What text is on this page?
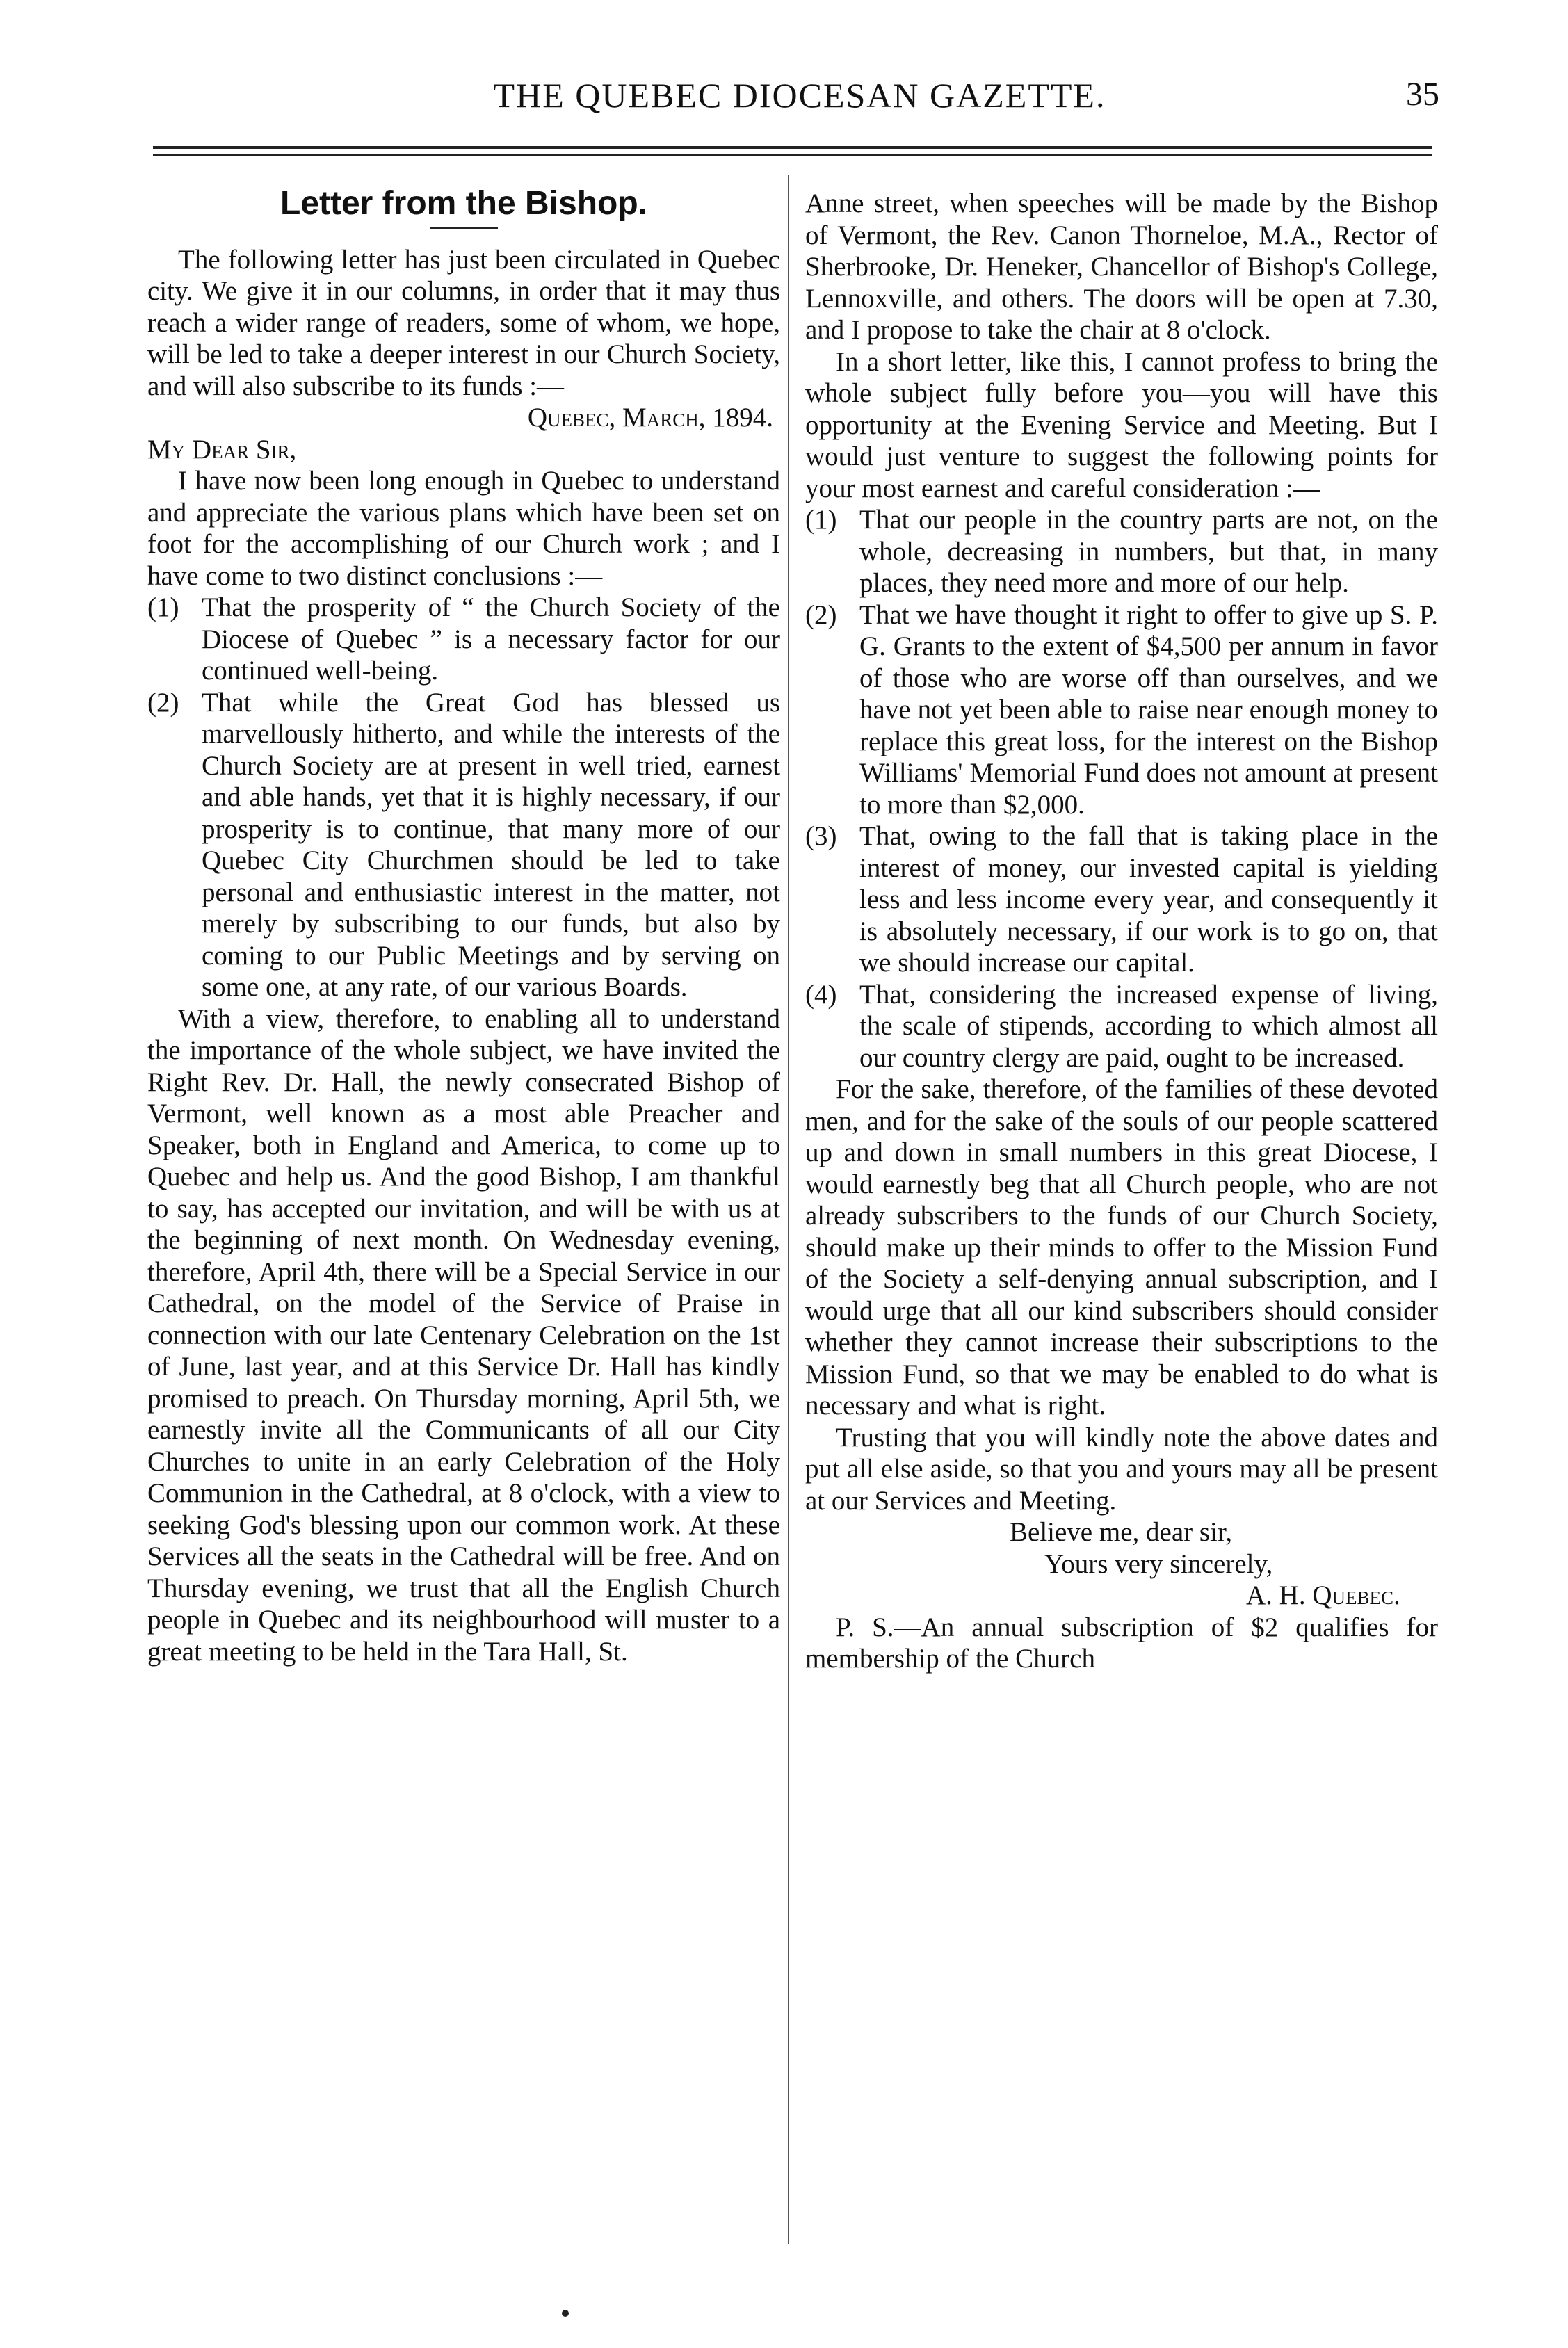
THE QUEBEC DIOCESAN GAZETTE.	35
Letter from the Bishop.

The following letter has just been circulated in Quebec city. We give it in our columns, in order that it may thus reach a wider range of readers, some of whom, we hope, will be led to take a deeper interest in our Church Society, and will also subscribe to its funds :—

Quebec, March, 1894.

My Dear Sir,

I have now been long enough in Quebec to understand and appreciate the various plans which have been set on foot for the accomplishing of our Church work ; and I have come to two distinct conclusions :—

(1) That the prosperity of “ the Church Society of the Diocese of Quebec ” is a necessary factor for our continued well-being.
(2) That while the Great God has blessed us marvellously hitherto, and while the interests of the Church Society are at present in well tried, earnest and able hands, yet that it is highly necessary, if our prosperity is to continue, that many more of our Quebec City Churchmen should be led to take personal and enthusiastic interest in the matter, not merely by subscribing to our funds, but also by coming to our Public Meetings and by serving on some one, at any rate, of our various Boards.

With a view, therefore, to enabling all to understand the importance of the whole subject, we have invited the Right Rev. Dr. Hall, the newly consecrated Bishop of Vermont, well known as a most able Preacher and Speaker, both in England and America, to come up to Quebec and help us. And the good Bishop, I am thankful to say, has accepted our invitation, and will be with us at the beginning of next month. On Wednesday evening, therefore, April 4th, there will be a Special Service in our Cathedral, on the model of the Service of Praise in connection with our late Centenary Celebration on the 1st of June, last year, and at this Service Dr. Hall has kindly promised to preach. On Thursday morning, April 5th, we earnestly invite all the Communicants of all our City Churches to unite in an early Celebration of the Holy Communion in the Cathedral, at 8 o'clock, with a view to seeking God's blessing upon our common work. At these Services all the seats in the Cathedral will be free. And on Thursday evening, we trust that all the English Church people in Quebec and its neighbourhood will muster to a great meeting to be held in the Tara Hall, St.

Anne street, when speeches will be made by the Bishop of Vermont, the Rev. Canon Thorneloe, M.A., Rector of Sherbrooke, Dr. Heneker, Chancellor of Bishop's College, Lennoxville, and others. The doors will be open at 7.30, and I propose to take the chair at 8 o'clock.

In a short letter, like this, I cannot profess to bring the whole subject fully before you—you will have this opportunity at the Evening Service and Meeting. But I would just venture to suggest the following points for your most earnest and careful consideration :—

(1) That our people in the country parts are not, on the whole, decreasing in numbers, but that, in many places, they need more and more of our help.
(2) That we have thought it right to offer to give up S. P. G. Grants to the extent of $4,500 per annum in favor of those who are worse off than ourselves, and we have not yet been able to raise near enough money to replace this great loss, for the interest on the Bishop Williams' Memorial Fund does not amount at present to more than $2,000.
(3) That, owing to the fall that is taking place in the interest of money, our invested capital is yielding less and less income every year, and consequently it is absolutely necessary, if our work is to go on, that we should increase our capital.
(4) That, considering the increased expense of living, the scale of stipends, according to which almost all our country clergy are paid, ought to be increased.

For the sake, therefore, of the families of these devoted men, and for the sake of the souls of our people scattered up and down in small numbers in this great Diocese, I would earnestly beg that all Church people, who are not already subscribers to the funds of our Church Society, should make up their minds to offer to the Mission Fund of the Society a self-denying annual subscription, and I would urge that all our kind subscribers should consider whether they cannot increase their subscriptions to the Mission Fund, so that we may be enabled to do what is necessary and what is right.

Trusting that you will kindly note the above dates and put all else aside, so that you and yours may all be present at our Services and Meeting.

Believe me, dear sir,

Yours very sincerely,

A. H. Quebec.

P. S.—An annual subscription of $2 qualifies for membership of the Church
